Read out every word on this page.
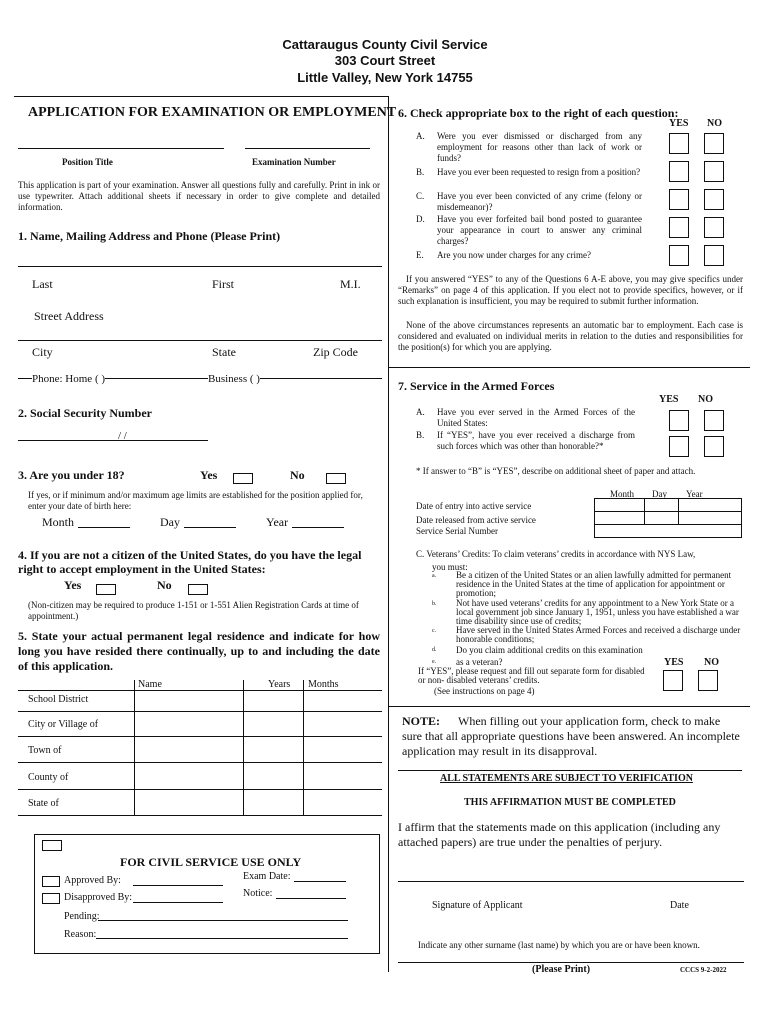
Cattaraugus County Civil Service
303 Court Street
Little Valley, New York 14755
APPLICATION FOR EXAMINATION OR EMPLOYMENT
Position Title	Examination Number
This application is part of your examination. Answer all questions fully and carefully. Print in ink or use typewriter. Attach additional sheets if necessary in order to give complete and detailed information.
1. Name, Mailing Address and Phone (Please Print)
Last	First	M.I.
Street Address
City	State	Zip Code
Phone: Home ( )	Business ( )
2. Social Security Number
/ /
3. Are you under 18?	Yes	No
If yes, or if minimum and/or maximum age limits are established for the position applied for, enter your date of birth here:
Month	Day	Year
4. If you are not a citizen of the United States, do you have the legal right to accept employment in the United States:
Yes	No
(Non-citizen may be required to produce 1-151 or 1-551 Alien Registration Cards at time of appointment.)
5. State your actual permanent legal residence and indicate for how long you have resided there continually, up to and including the date of this application.
Name	Years Months
School District
City or Village of
Town of
County of
State of
FOR CIVIL SERVICE USE ONLY
Approved By:	Exam Date:
Disapproved By:	Notice:
Pending:
Reason:
6. Check appropriate box to the right of each question:
YES NO
A. Were you ever dismissed or discharged from any employment for reasons other than lack of work or funds?
B. Have you ever been requested to resign from a position?
C. Have you ever been convicted of any crime (felony or misdemeanor)?
D. Have you ever forfeited bail bond posted to guarantee your appearance in court to answer any criminal charges?
E. Are you now under charges for any crime?
If you answered “YES” to any of the Questions 6 A-E above, you may give specifics under “Remarks” on page 4 of this application. If you elect not to provide specifics, however, or if such explanation is insufficient, you may be required to submit further information.
None of the above circumstances represents an automatic bar to employment. Each case is considered and evaluated on individual merits in relation to the duties and responsibilities for the position(s) for which you are applying.
7. Service in the Armed Forces
YES NO
A. Have you ever served in the Armed Forces of the United States:
B. If “YES”, have you ever received a discharge from such forces which was other than honorable?*
* If answer to “B” is “YES”, describe on additional sheet of paper and attach.
Month Day Year

Date of entry into active service
Date released from active service
Service Serial Number
C. Veterans’ Credits: To claim veterans’ credits in accordance with NYS Law,
you must:
a. Be a citizen of the United States or an alien lawfully admitted for permanent residence in the United States at the time of application for appointment or promotion;
b. Not have used veterans’ credits for any appointment to a New York State or a local government job since January 1, 1951, unless you have established a war time disability since use of credits;
c. Have served in the United States Armed Forces and received a discharge under honorable conditions;
d. Do you claim additional credits on this examination
e. as a veteran?	YES NO
If “YES”, please request and fill out separate form for disabled or non- disabled veterans’ credits.
(See instructions on page 4)
NOTE:	When filling out your application form, check to make sure that all appropriate questions have been answered. An incomplete application may result in its disapproval.
ALL STATEMENTS ARE SUBJECT TO VERIFICATION
THIS AFFIRMATION MUST BE COMPLETED
I affirm that the statements made on this application (including any attached papers) are true under the penalties of perjury.
Signature of Applicant	Date
Indicate any other surname (last name) by which you are or have been known.
(Please Print)	CCCS 9-2-2022
